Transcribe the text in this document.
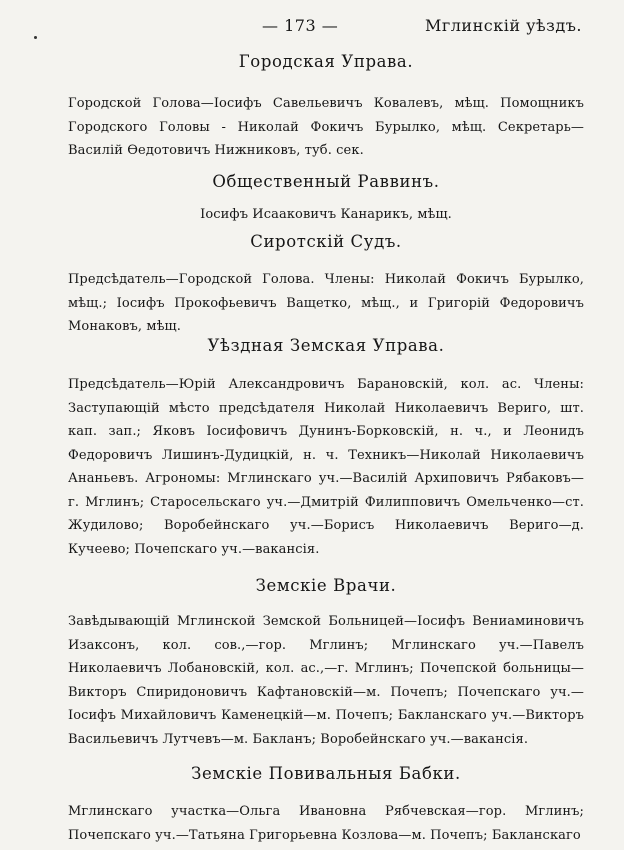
— 173 —	Мглинскій уѣздъ.
Городская Управа.

Городской Голова—Іосифъ Савельевичъ Ковалевъ, мѣщ. Помощникъ Городского Головы - Николай Фокичъ Бурылко, мѣщ. Секретарь—Василій Ѳедотовичъ Нижниковъ, туб. сек.

Общественный Раввинъ.

Іосифъ Исааковичъ Канарикъ, мѣщ.

Сиротскій Судъ.

Предсѣдатель—Городской Голова. Члены: Николай Фокичъ Бурылко, мѣщ.; Іосифъ Прокофьевичъ Ващетко, мѣщ., и Григорій Федоровичъ Монаковъ, мѣщ.

Уѣздная Земская Управа.

Предсѣдатель—Юрій Александровичъ Барановскій, кол. ас. Члены: Заступающій мѣсто предсѣдателя Николай Николаевичъ Веригo, шт. кап. зап.; Яковъ Іосифовичъ Дунинъ-Борковскій, н. ч., и Леонидъ Федоровичъ Лишинъ-Дудицкій, н. ч. Техникъ—Николай Николаевичъ Ананьевъ. Агрономы: Мглинскаго уч.—Василій Архиповичъ Рябаковъ— г. Мглинъ; Старосельскаго уч.—Дмитрій Филипповичъ Омельченко—ст. Жудилово; Воробейнскаго уч.—Борисъ Николаевичъ Веригo—д. Кучеево; Почепскаго уч.—вакансія.

Земскіе Врачи.

Завѣдывающій Мглинской Земской Больницей—Іосифъ Вениаминовичъ Изаксонъ, кол. сов.,—гор. Мглинъ; Мглинскаго уч.—Павелъ Николаевичъ Лобановскій, кол. ас.,—г. Мглинъ; Почепской больницы—Викторъ Спиридоновичъ Кафтановскій—м. Почепъ; Почепскаго уч.—Іосифъ Михайловичъ Каменецкій—м. Почепъ; Бакланскаго уч.—Викторъ Васильевичъ Лутчевъ—м. Бакланъ; Воробейнскаго уч.—вакансія.

Земскіе Повивальныя Бабки.

Мглинскаго участка—Ольга Ивановна Рябчевская—гор. Мглинъ; Почепскаго уч.—Татьяна Григорьевна Козлова—м. Почепъ; Бакланскаго
